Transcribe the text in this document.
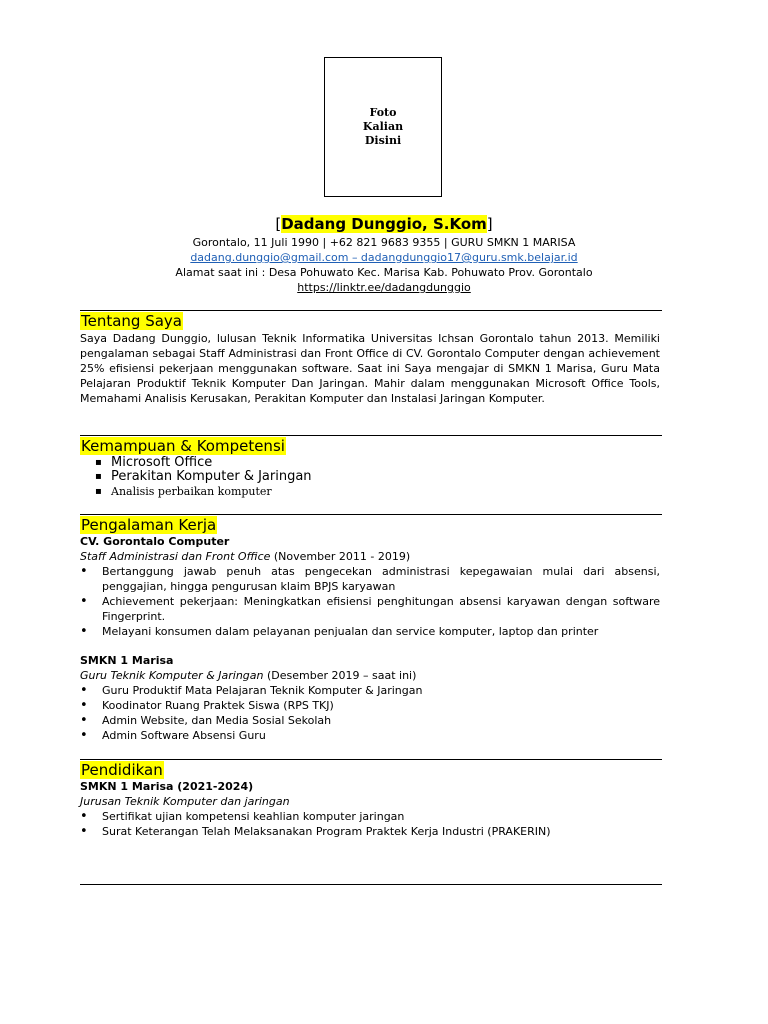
Foto
Kalian
Disini
[Dadang Dunggio, S.Kom]
Gorontalo, 11 Juli 1990 | +62 821 9683 9355 | GURU SMKN 1 MARISA
dadang.dunggio@gmail.com – dadangdunggio17@guru.smk.belajar.id
Alamat saat ini : Desa Pohuwato Kec. Marisa Kab. Pohuwato Prov. Gorontalo
https://linktr.ee/dadangdunggio
Tentang Saya
Saya Dadang Dunggio, lulusan Teknik Informatika Universitas Ichsan Gorontalo tahun 2013. Memiliki pengalaman sebagai Staff Administrasi dan Front Office di CV. Gorontalo Computer dengan achievement 25% efisiensi pekerjaan menggunakan software. Saat ini Saya mengajar di SMKN 1 Marisa, Guru Mata Pelajaran Produktif Teknik Komputer Dan Jaringan. Mahir dalam menggunakan Microsoft Office Tools, Memahami Analisis Kerusakan, Perakitan Komputer dan Instalasi Jaringan Komputer.
Kemampuan & Kompetensi
▪ Microsoft Office
▪ Perakitan Komputer & Jaringan
▪ Analisis perbaikan komputer
Pengalaman Kerja
CV. Gorontalo Computer
Staff Administrasi dan Front Office (November 2011 - 2019)
• Bertanggung jawab penuh atas pengecekan administrasi kepegawaian mulai dari absensi, penggajian, hingga pengurusan klaim BPJS karyawan
• Achievement pekerjaan: Meningkatkan efisiensi penghitungan absensi karyawan dengan software Fingerprint.
• Melayani konsumen dalam pelayanan penjualan dan service komputer, laptop dan printer
SMKN 1 Marisa
Guru Teknik Komputer & Jaringan (Desember 2019 – saat ini)
• Guru Produktif Mata Pelajaran Teknik Komputer & Jaringan
• Koodinator Ruang Praktek Siswa (RPS TKJ)
• Admin Website, dan Media Sosial Sekolah
• Admin Software Absensi Guru
Pendidikan
SMKN 1 Marisa (2021-2024)
Jurusan Teknik Komputer dan jaringan
• Sertifikat ujian kompetensi keahlian komputer jaringan
• Surat Keterangan Telah Melaksanakan Program Praktek Kerja Industri (PRAKERIN)
